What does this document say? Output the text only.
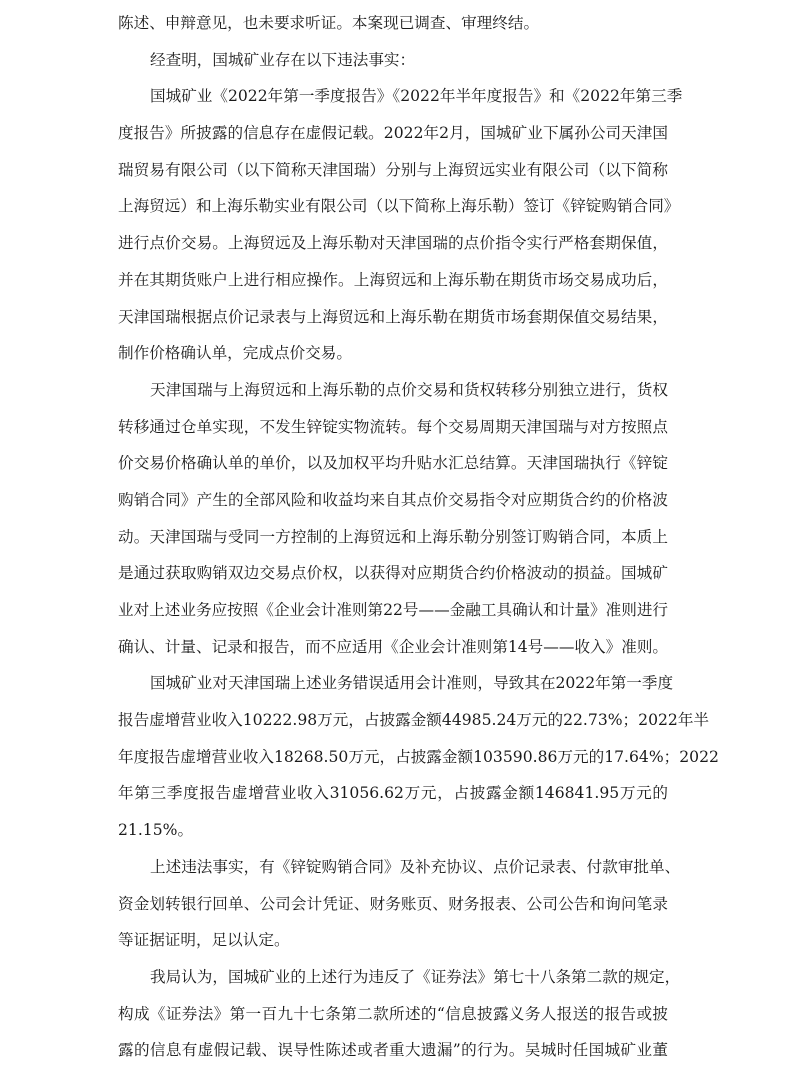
陈述、申辩意见，也未要求听证。本案现已调查、审理终结。
经查明，国城矿业存在以下违法事实：
国城矿业《2022年第一季度报告》《2022年半年度报告》和《2022年第三季
度报告》所披露的信息存在虚假记载。2022年2月，国城矿业下属孙公司天津国
瑞贸易有限公司（以下简称天津国瑞）分别与上海贸远实业有限公司（以下简称
上海贸远）和上海乐勒实业有限公司（以下简称上海乐勒）签订《锌锭购销合同》
进行点价交易。上海贸远及上海乐勒对天津国瑞的点价指令实行严格套期保值，
并在其期货账户上进行相应操作。上海贸远和上海乐勒在期货市场交易成功后，
天津国瑞根据点价记录表与上海贸远和上海乐勒在期货市场套期保值交易结果，
制作价格确认单，完成点价交易。
天津国瑞与上海贸远和上海乐勒的点价交易和货权转移分别独立进行，货权
转移通过仓单实现，不发生锌锭实物流转。每个交易周期天津国瑞与对方按照点
价交易价格确认单的单价，以及加权平均升贴水汇总结算。天津国瑞执行《锌锭
购销合同》产生的全部风险和收益均来自其点价交易指令对应期货合约的价格波
动。天津国瑞与受同一方控制的上海贸远和上海乐勒分别签订购销合同，本质上
是通过获取购销双边交易点价权，以获得对应期货合约价格波动的损益。国城矿
业对上述业务应按照《企业会计准则第22号——金融工具确认和计量》准则进行
确认、计量、记录和报告，而不应适用《企业会计准则第14号——收入》准则。
国城矿业对天津国瑞上述业务错误适用会计准则，导致其在2022年第一季度
报告虚增营业收入10222.98万元，占披露金额44985.24万元的22.73%；2022年半
年度报告虚增营业收入18268.50万元，占披露金额103590.86万元的17.64%；2022
年第三季度报告虚增营业收入31056.62万元，占披露金额146841.95万元的
21.15%。
上述违法事实，有《锌锭购销合同》及补充协议、点价记录表、付款审批单、
资金划转银行回单、公司会计凭证、财务账页、财务报表、公司公告和询问笔录
等证据证明，足以认定。
我局认为，国城矿业的上述行为违反了《证券法》第七十八条第二款的规定，
构成《证券法》第一百九十七条第二款所述的“信息披露义务人报送的报告或披
露的信息有虚假记载、误导性陈述或者重大遗漏”的行为。吴城时任国城矿业董
